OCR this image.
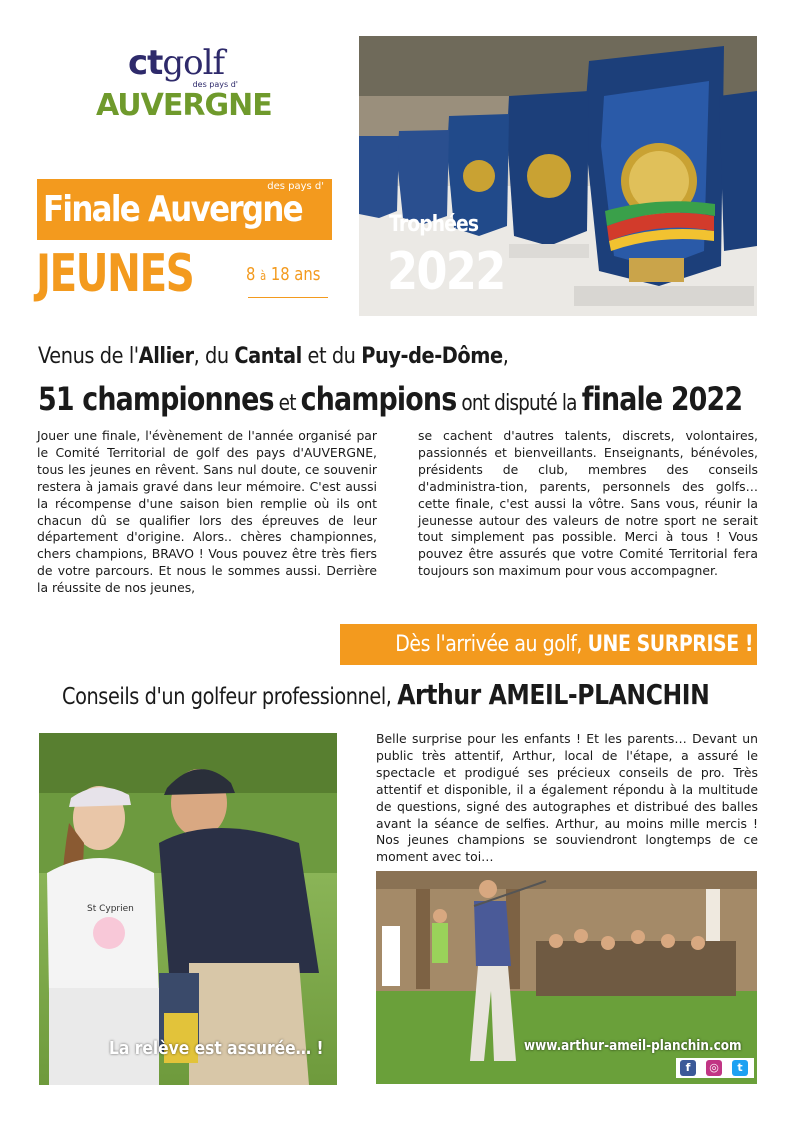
ctgolf
des pays d'
AUVERGNE
des pays d'
Finale Auvergne
JEUNES	8 à 18 ans
Trophées
2022
Venus de l'Allier, du Cantal et du Puy-de-Dôme,
51 championnes et champions ont disputé la finale 2022
Jouer une finale, l'évènement de l'année organisé par le Comité Territorial de golf des pays d'AUVERGNE, tous les jeunes en rêvent. Sans nul doute, ce souvenir restera à jamais gravé dans leur mémoire. C'est aussi la récompense d'une saison bien remplie où ils ont chacun dû se qualifier lors des épreuves de leur département d'origine. Alors.. chères championnes, chers champions, BRAVO ! Vous pouvez être très fiers de votre parcours. Et nous le sommes aussi. Derrière la réussite de nos jeunes,
se cachent d'autres talents, discrets, volontaires, passionnés et bienveillants. Enseignants, bénévoles, présidents de club, membres des conseils d'administra-tion, parents, personnels des golfs… cette finale, c'est aussi la vôtre. Sans vous, réunir la jeunesse autour des valeurs de notre sport ne serait tout simplement pas possible. Merci à tous ! Vous pouvez être assurés que votre Comité Territorial fera toujours son maximum pour vous accompagner.
Dès l'arrivée au golf, UNE SURPRISE !
Conseils d'un golfeur professionnel, Arthur AMEIL-PLANCHIN
Belle surprise pour les enfants ! Et les parents… Devant un public très attentif, Arthur, local de l'étape, a assuré le spectacle et prodigué ses précieux conseils de pro. Très attentif et disponible, il a également répondu à la multitude de questions, signé des autographes et distribué des balles avant la séance de selfies. Arthur, au moins mille mercis ! Nos jeunes champions se souviendront longtemps de ce moment avec toi…
St Cyprien
La relève est assurée… !	www.arthur-ameil-planchin.com
f	◎	t
